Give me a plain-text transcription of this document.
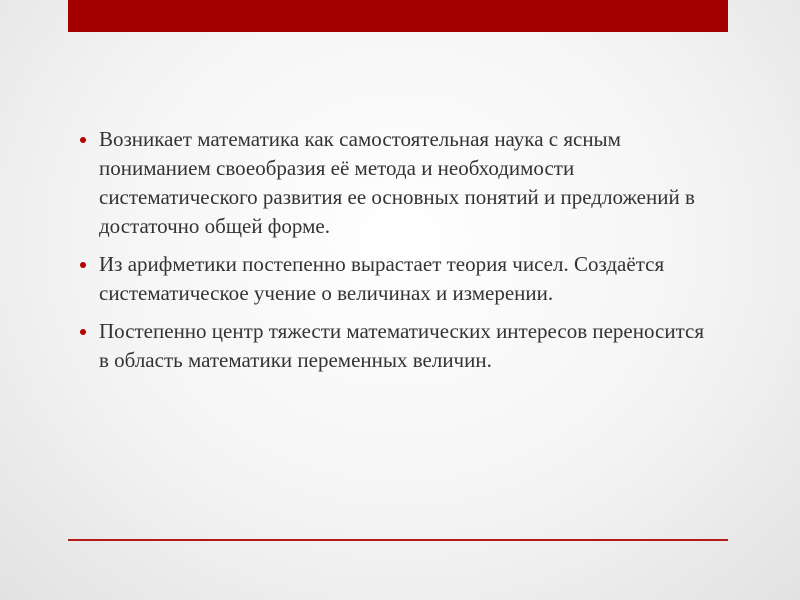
Возникает математика как самостоятельная наука с ясным пониманием своеобразия её метода и необходимости систематического развития ее основных понятий и предложений в достаточно общей форме.
Из арифметики постепенно вырастает теория чисел. Создаётся систематическое учение о величинах и измерении.
Постепенно центр тяжести математических интересов переносится в область математики переменных величин.
